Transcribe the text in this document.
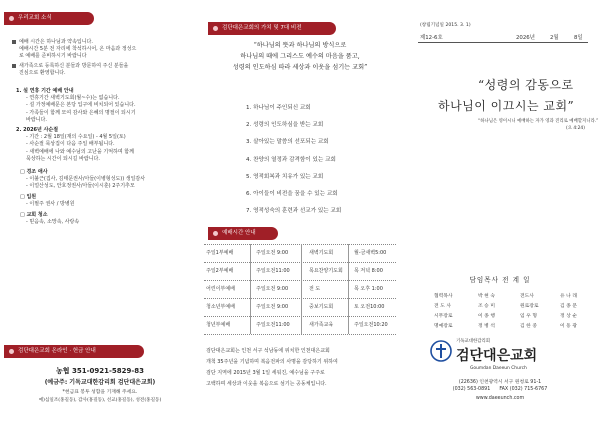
우리교회 소식
예배 시간은 하나님과 약속입니다.
예배시간 5분 전 자리에 착석하시어, 온 마음과 정성으
로 예배를 준비하시기 바랍니다
새가족으로 등록하신 분들과 방문하여 주신 분들을
진심으로 환영합니다.
1. 설 연휴 기간 예배 안내
- 연휴기간 새벽기도회(월~수)는 없습니다.
- 설 가정예배문은 본당 입구에 비치되어 있습니다.
- 가족들이 함께 모여 감사와 은혜의 명절이 되시기
바랍니다.
2. 2026년 사순절
- 기간 : 2월 18일(재의 수요일) - 4월 5일(토)
- 사순절 묵상집이 다음 주일 배부됩니다.
- 새벽예배에 나와 예수님의 고난을 기억하며 함께
묵상하는 시간이 되시길 바랍니다.
□ 경조 애사
- 이불근(집사, 김태문권사/아들(이병형성도)) 생일감사
- 이얼산성도, 안호정권사/아들(이시훈) 2주기추모
□ 입원
- 이필주 권사 / 방병원
□ 교회 청소
- 믿음속, 소망속, 사랑속
검단대은교회 온라인 · 헌금 안내
농협 351-0921-5829-83
(예금주: 기독교대한감리회 검단대은교회)
*헌금표 봉투 성함을 기재해 주세요.
예)십일조(홍길동), 감사(홍길동), 선교(홍길동), 성전(홍길동)
검단대은교회의 가치 및 7대 비전
“하나님의 뜻과 하나님의 방식으로
하나님의 때에 그리스도 예수의 마음을 품고,
성령의 인도하심 따라 세상과 이웃을 섬기는 교회”
1. 하나님이 주인되신 교회
2. 성령의 인도하심을 받는 교회
3. 살아있는 말씀의 선포되는 교회
4. 찬양의 열정과 감격함이 있는 교회
5. 영적회복과 치유가 있는 교회
6. 아이들이 비전을 꿈을 수 있는 교회
7. 영적성숙의 훈련과 선교가 있는 교회
예배시간 안내
주일1부예배	주일오전 9:00	새벽기도회	월-금새벽5:00
주일2부예배	주일오전11:00	목요찬양기도회 목 저녁 8:00
어린이부예배	주일오전 9:00	전 도	목 오후 1:00
청소년부예배	주일오전 9:00	중보기도회	토 오전10:00
청년부예배	주일오전11:00	새가족교육	주일오전10:20
검단대은교회는 인천 서구 석남동에 위치한 인천대은교회
개척 35주년을 기념하며 복음전파의 사명을 감당하기 위하여
검단 지역에 2015년 3월 1일 세워진, 예수님을 구주로
고백하며 세상과 이웃을 복음으로 섬기는 공동체입니다.
(창립기념일 2015. 3. 1)
제12-6호	2026년	2월	8일
“성령의 감동으로
하나님이 이끄시는 교회”
“하나님은 영이시니 예배하는 자가 영과 진리로 예배할지니라.”
(요 4:24)
담임목사 전 계 일
협력목사	박 현 숙	전도사	유 나 래
전 도 사	조 승 미	원로장로	김 종 문
시무장로	이 종 행	임 우 형	정 상 순
명예장로	정 병 석	김 한 중	이 동 광
기독교대한감리회
검단대은교회
Goumdan Daeeun Church
(22636) 인천광역시 서구 원청로 91-1
(032) 563-0891 FAX (032) 715-6767
www.daeeunch.com
